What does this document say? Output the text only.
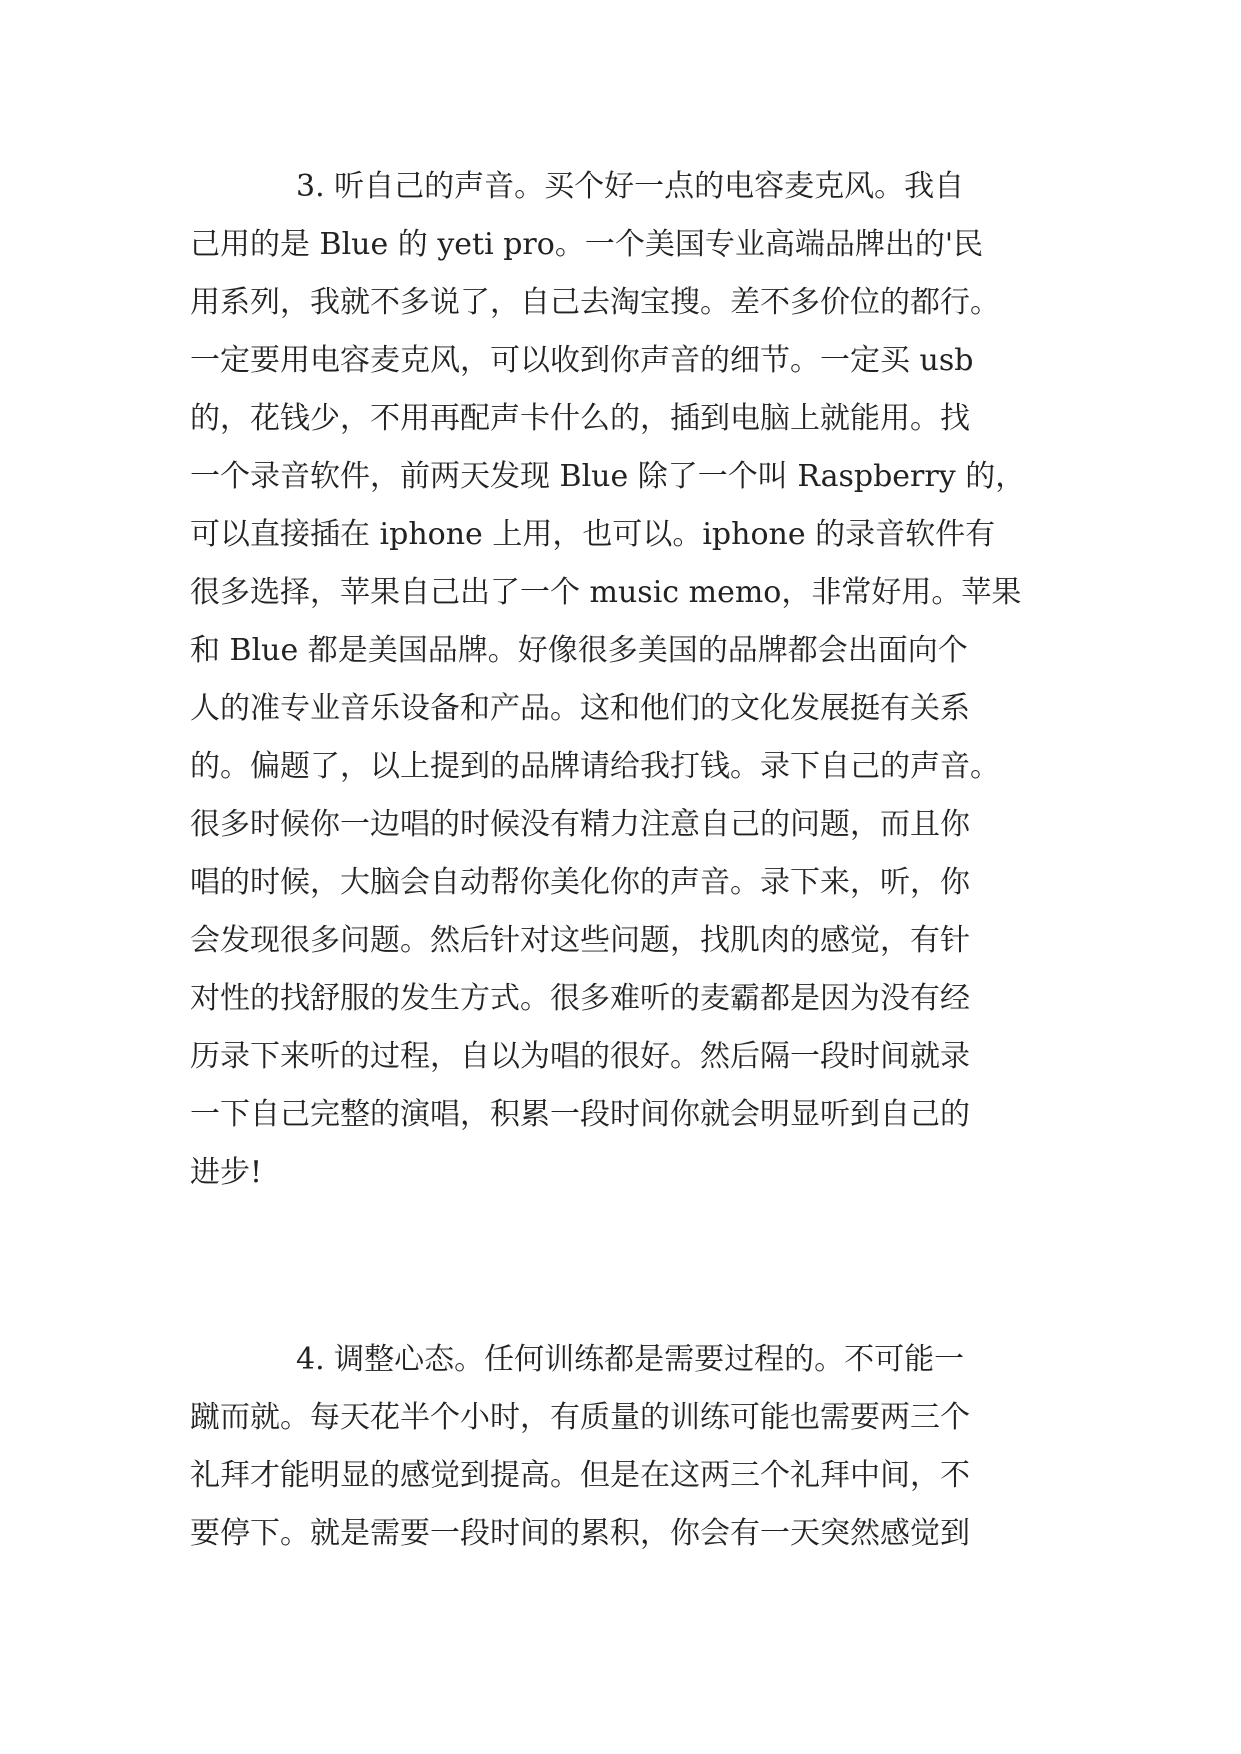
3. 听自己的声音。买个好一点的电容麦克风。我自
己用的是 Blue 的 yeti pro。一个美国专业高端品牌出的'民
用系列，我就不多说了，自己去淘宝搜。差不多价位的都行。
一定要用电容麦克风，可以收到你声音的细节。一定买 usb
的，花钱少，不用再配声卡什么的，插到电脑上就能用。找
一个录音软件，前两天发现 Blue 除了一个叫 Raspberry 的，
可以直接插在 iphone 上用，也可以。iphone 的录音软件有
很多选择，苹果自己出了一个 music memo，非常好用。苹果
和 Blue 都是美国品牌。好像很多美国的品牌都会出面向个
人的准专业音乐设备和产品。这和他们的文化发展挺有关系
的。偏题了，以上提到的品牌请给我打钱。录下自己的声音。
很多时候你一边唱的时候没有精力注意自己的问题，而且你
唱的时候，大脑会自动帮你美化你的声音。录下来，听，你
会发现很多问题。然后针对这些问题，找肌肉的感觉，有针
对性的找舒服的发生方式。很多难听的麦霸都是因为没有经
历录下来听的过程，自以为唱的很好。然后隔一段时间就录
一下自己完整的演唱，积累一段时间你就会明显听到自己的
进步!
4. 调整心态。任何训练都是需要过程的。不可能一
蹴而就。每天花半个小时，有质量的训练可能也需要两三个
礼拜才能明显的感觉到提高。但是在这两三个礼拜中间，不
要停下。就是需要一段时间的累积，你会有一天突然感觉到
